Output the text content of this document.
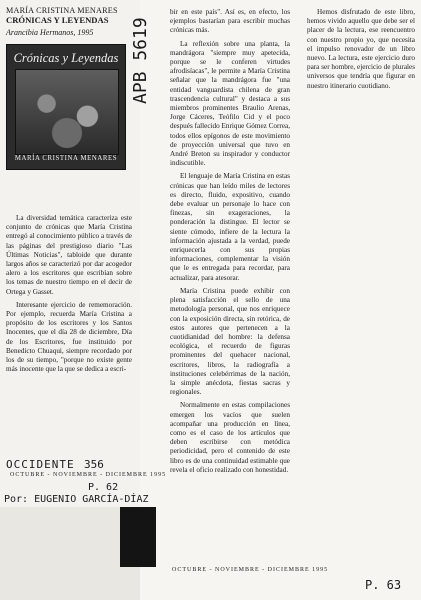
MARÍA CRISTINA MENARES
CRÓNICAS Y LEYENDAS
Arancibia Hermanos, 1995
Crónicas y Leyendas
MARÍA CRISTINA MENARES
APB 5619

La diversidad temática caracteriza este conjunto de crónicas que María Cristina entregó al conocimiento público a través de las páginas del prestigioso diario "Las Últimas Noticias", tabloide que durante largos años se caracterizó por dar acogedor alero a los escritores que escribían sobre los temas de nuestro tiempo en el decir de Ortega y Gasset.

Interesante ejercicio de rememoración. Por ejemplo, recuerda María Cristina a propósito de los escritores y los Santos Inocentes, que el día 28 de diciembre, Día de los Escritores, fue instituido por Benedicto Chuaqui, siempre recordado por los de su tiempo, "porque no existe gente más inocente que la que se dedica a escri-

bir en este país". Así es, en efecto, los ejemplos bastarían para escribir muchas crónicas más.

La reflexión sobre una planta, la mandrágora "siempre muy apetecida, porque se le conferen virtudes afrodisíacas", le permite a María Cristina señalar que la mandrágora fue "una entidad vanguardista chilena de gran trascendencia cultural" y destaca a sus miembros prominentes Braulio Arenas, Jorge Cáceres, Teófilo Cid y el poco después fallecido Enrique Gómez Correa, todos ellos epígonos de este movimiento de proyección universal que tuvo en André Breton su inspirador y conductor indiscutible.

El lenguaje de María Cristina en estas crónicas que han leído miles de lectores es directo, fluido, expositivo, cuando debe evaluar un personaje lo hace con finezas, sin exageraciones, la ponderación la distingue. El lector se siente cómodo, infiere de la lectura la información ajustada a la verdad, puede enriquecerla con sus propias informaciones, complementar la visión que le es entregada para recordar, para actualizar, para atesorar.

María Cristina puede exhibir con plena satisfacción el sello de una metodología personal, que nos enriquece con la exposición directa, sin retórica, de estos autores que pertenecen a la cuotidianidad del hombre: la defensa ecológica, el recuerdo de figuras prominentes del quehacer nacional, escritores, libros, la radiografía a instituciones celebérrimas de la nación, la simple anécdota, fiestas sacras y regionales.

Normalmente en estas compilaciones emergen los vacíos que suelen acompañar una producción en línea, como es el caso de los artículos que deben escribirse con metódica periodicidad, pero el contenido de este libro es de una continuidad estimable que revela el oficio realizado con honestidad.

Hemos disfrutado de este libro, hemos vivido aquello que debe ser el placer de la lectura, ese reencuentro con nuestro propio yo, que necesita el impulso renovador de un libro nuevo. La lectura, este ejercicio duro para ser hombre, ejercicio de plurales universos que tendría que figurar en nuestro itinerario cuotidiano.

OCCIDENTE 356
OCTUBRE - NOVIEMBRE - DICIEMBRE 1995
P. 62
Por: EUGENIO GARCÍA-DÍAZ
OCTUBRE - NOVIEMBRE - DICIEMBRE 1995
P. 63
